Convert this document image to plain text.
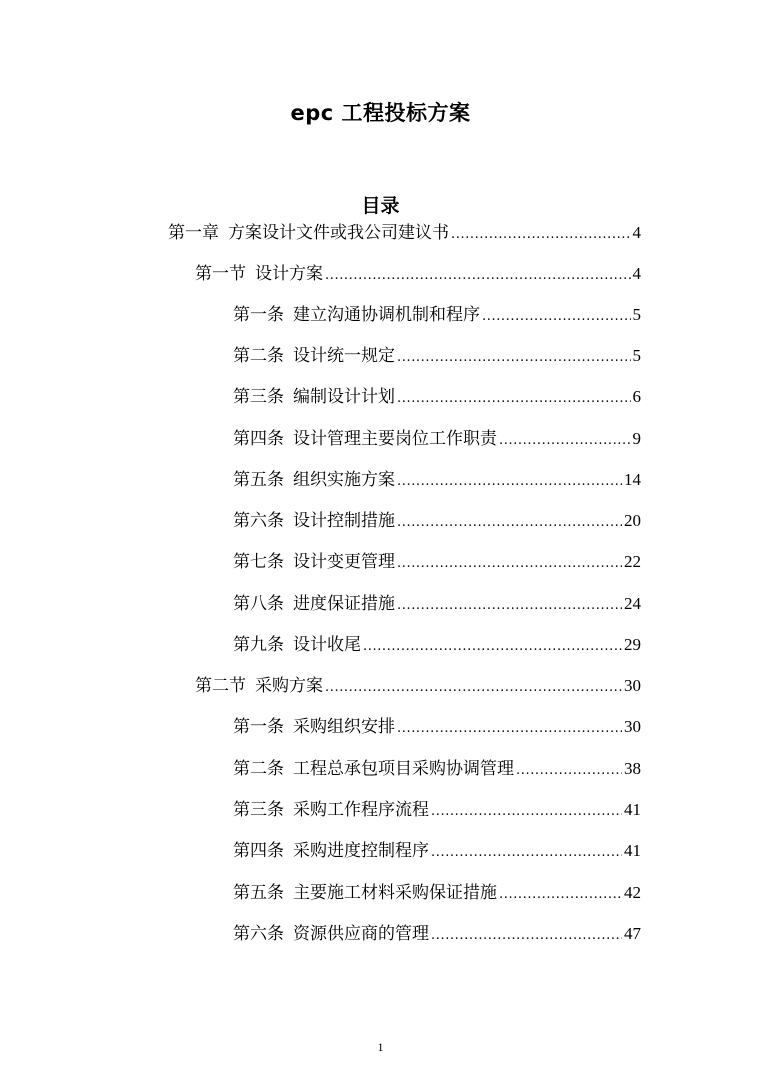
epc 工程投标方案
目录
第一章 方案设计文件或我公司建议书 .....	4
第一节 设计方案 .....	4
第一条 建立沟通协调机制和程序 .....	5
第二条 设计统一规定 .....	5
第三条 编制设计计划 .....	6
第四条 设计管理主要岗位工作职责 .....	9
第五条 组织实施方案 .....	14
第六条 设计控制措施 .....	20
第七条 设计变更管理 .....	22
第八条 进度保证措施 .....	24
第九条 设计收尾 .....	29
第二节 采购方案 .....	30
第一条 采购组织安排 .....	30
第二条 工程总承包项目采购协调管理 .....	38
第三条 采购工作程序流程 .....	41
第四条 采购进度控制程序 .....	41
第五条 主要施工材料采购保证措施 .....	42
第六条 资源供应商的管理 .....	47
1
